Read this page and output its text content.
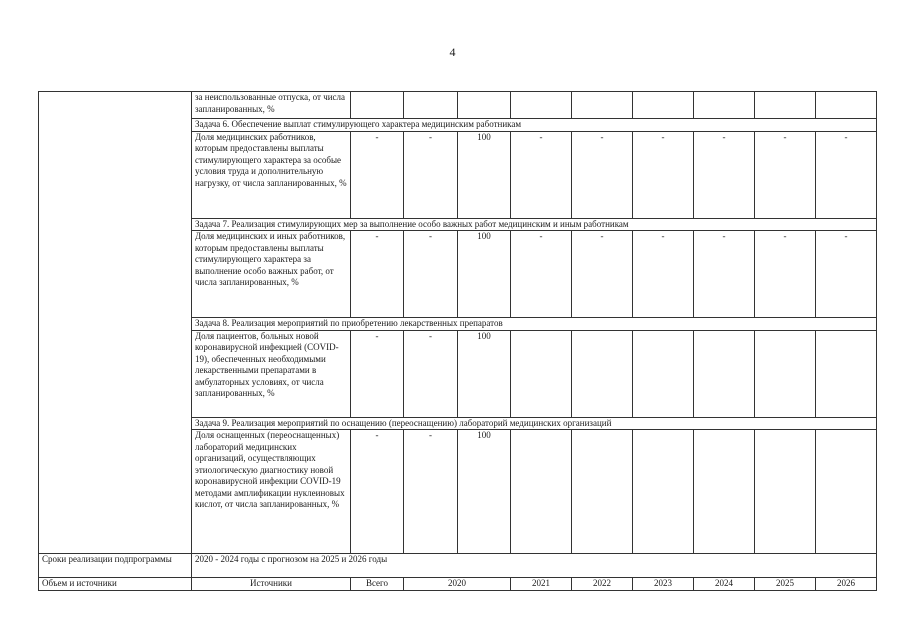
4
	за неиспользованные отпуска, от числа запланированных, %									
	Задача 6. Обеспечение выплат стимулирующего характера медицинским работникам									
	Доля медицинских работников, которым предоставлены выплаты стимулирующего характера за особые условия труда и дополнительную нагрузку, от числа запланированных, %	-	-	100	-	-	-	-	-	-
	Задача 7. Реализация стимулирующих мер за выполнение особо важных работ медицинским и иным работникам									
	Доля медицинских и иных работников, которым предоставлены выплаты стимулирующего характера за выполнение особо важных работ, от числа запланированных, %	-	-	100	-	-	-	-	-	-
	Задача 8. Реализация мероприятий по приобретению лекарственных препаратов									
	Доля пациентов, больных новой коронавирусной инфекцией (COVID-19), обеспеченных необходимыми лекарственными препаратами в амбулаторных условиях, от числа запланированных, %	-	-	100						
	Задача 9. Реализация мероприятий по оснащению (переоснащению) лабораторий медицинских организаций									
	Доля оснащенных (переоснащенных) лабораторий медицинских организаций, осуществляющих этиологическую диагностику новой коронавирусной инфекции COVID-19 методами амплификации нуклеиновых кислот, от числа запланированных, %	-	-	100						
Сроки реализации подпрограммы	2020 - 2024 годы с прогнозом на 2025 и 2026 годы									
Объем и источники	Источники	Всего	2020		2021	2022	2023	2024	2025	2026
